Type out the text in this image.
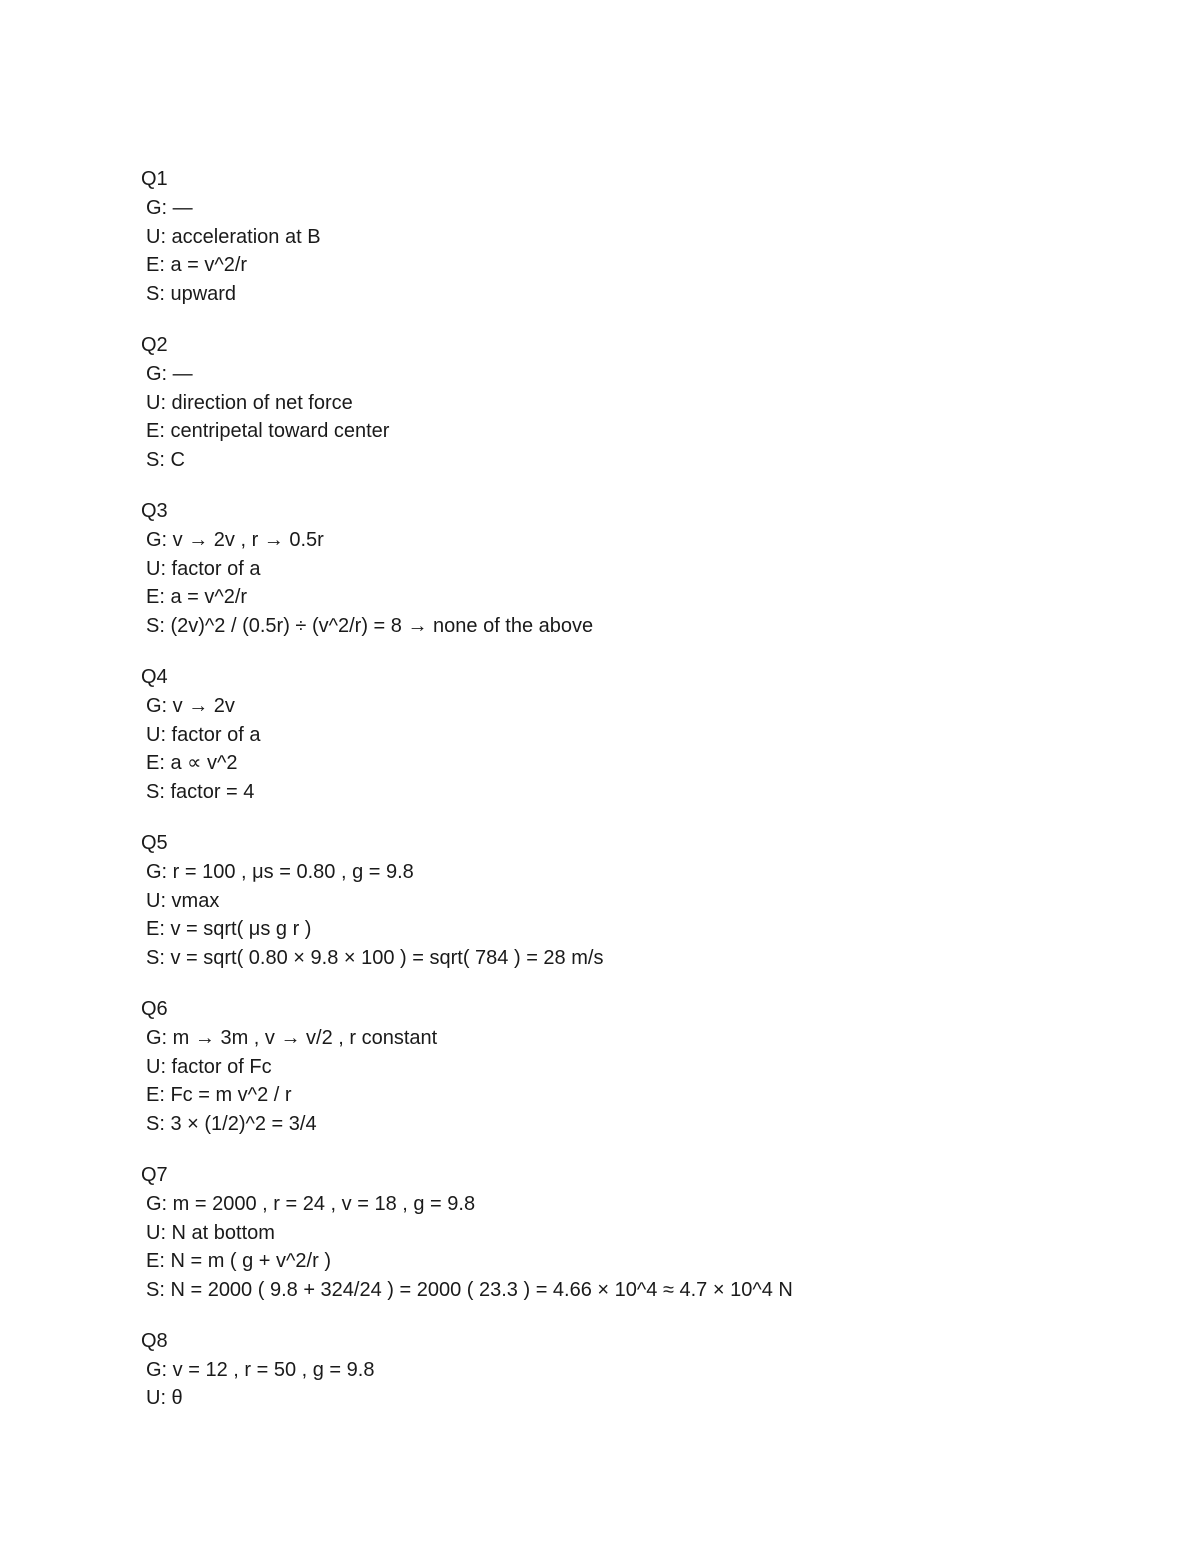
Q1
G: —
U: acceleration at B
E: a = v^2/r
S: upward
Q2
G: —
U: direction of net force
E: centripetal toward center
S: C
Q3
G: v → 2v , r → 0.5r
U: factor of a
E: a = v^2/r
S: (2v)^2 / (0.5r) ÷ (v^2/r) = 8 → none of the above
Q4
G: v → 2v
U: factor of a
E: a ∝ v^2
S: factor = 4
Q5
G: r = 100 , μs = 0.80 , g = 9.8
U: vmax
E: v = sqrt( μs g r )
S: v = sqrt( 0.80 × 9.8 × 100 ) = sqrt( 784 ) = 28 m/s
Q6
G: m → 3m , v → v/2 , r constant
U: factor of Fc
E: Fc = m v^2 / r
S: 3 × (1/2)^2 = 3/4
Q7
G: m = 2000 , r = 24 , v = 18 , g = 9.8
U: N at bottom
E: N = m ( g + v^2/r )
S: N = 2000 ( 9.8 + 324/24 ) = 2000 ( 23.3 ) = 4.66 × 10^4 ≈ 4.7 × 10^4 N
Q8
G: v = 12 , r = 50 , g = 9.8
U: θ
